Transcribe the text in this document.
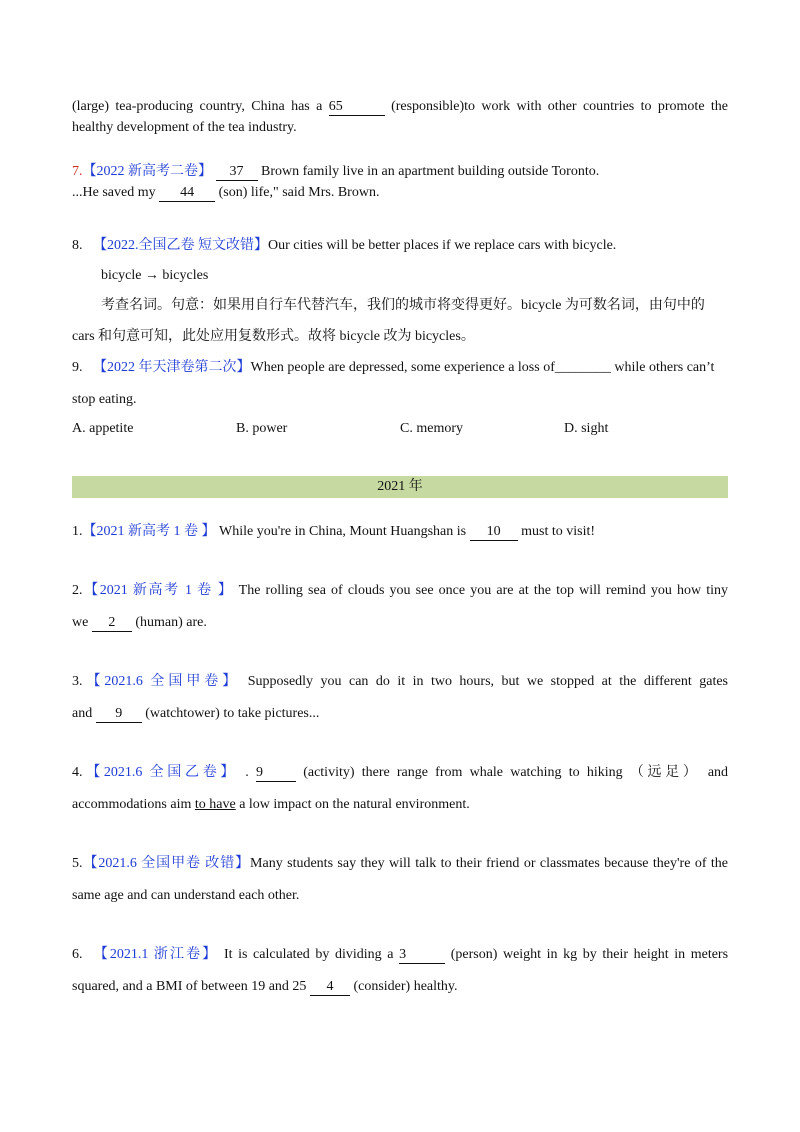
(large) tea-producing country, China has a 65	(responsible)to work with other countries to promote the
healthy development of the tea industry.
7.【2022 新高考二卷】 37 Brown family live in an apartment building outside Toronto.
...He saved my 44 (son) life," said Mrs. Brown.
8. 【2022.全国乙卷 短文改错】Our cities will be better places if we replace cars with bicycle.
bicycle → bicycles
考查名词。句意：如果用自行车代替汽车，我们的城市将变得更好。bicycle 为可数名词，由句中的
cars 和句意可知，此处应用复数形式。故将 bicycle 改为 bicycles。
9. 【2022 年天津卷第二次】When people are depressed, some experience a loss of________ while others can’t
stop eating.
A. appetite	B. power	C. memory	D. sight
2021 年
1.【2021 新高考 1 卷 】 While you're in China, Mount Huangshan is 10 must to visit!
2.【2021 新高考 1 卷 】 The rolling sea of clouds you see once you are at the top will remind you how tiny
we 2 (human) are.
3.【2021.6 全国甲卷】 Supposedly you can do it in two hours, but we stopped at the different gates
and 9 (watchtower) to take pictures...
4.【2021.6 全国乙卷】 . 9	(activity) there range from whale watching to hiking （远足） and
accommodations aim to have a low impact on the natural environment.
5.【2021.6 全国甲卷 改错】Many students say they will talk to their friend or classmates because they're of the
same age and can understand each other.
6. 【2021.1 浙江卷】 It is calculated by dividing a 3	(person) weight in kg by their height in meters
squared, and a BMI of between 19 and 25 4 (consider) healthy.
